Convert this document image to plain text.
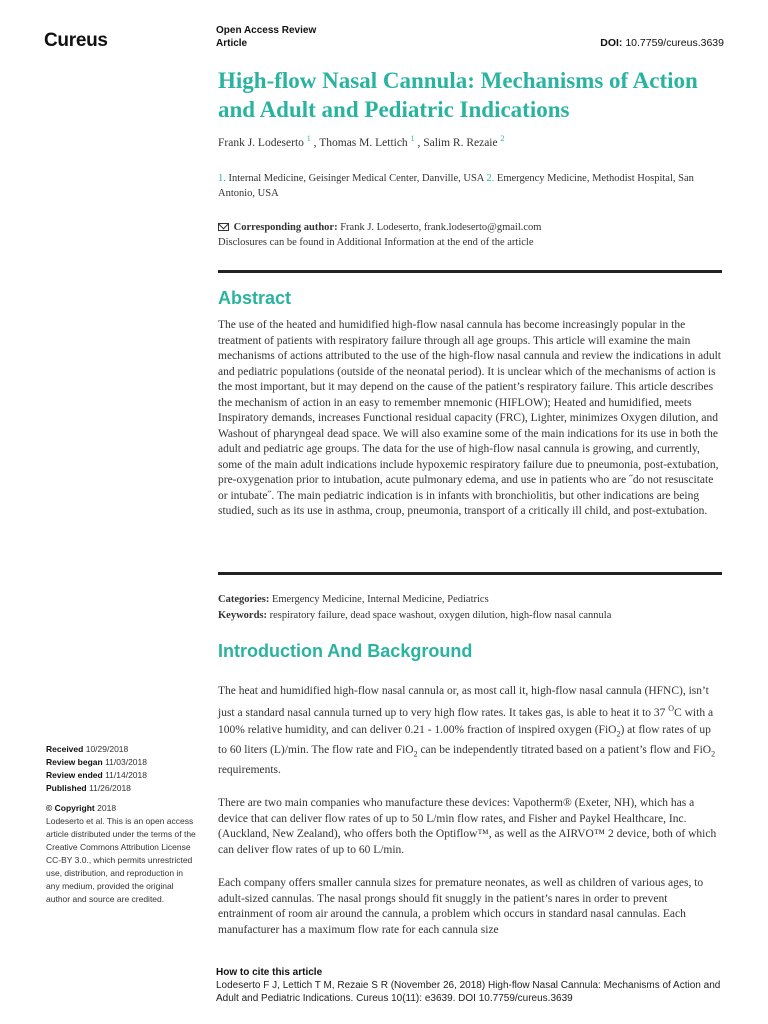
Cureus	Open Access Review
Article	DOI: 10.7759/cureus.3639
High-flow Nasal Cannula: Mechanisms of Action and Adult and Pediatric Indications
Frank J. Lodeserto $^1$ , Thomas M. Lettich $^1$ , Salim R. Rezaie $^2$
1. Internal Medicine, Geisinger Medical Center, Danville, USA 2. Emergency Medicine, Methodist Hospital, San Antonio, USA
Corresponding author: Frank J. Lodeserto, frank.lodeserto@gmail.com
Disclosures can be found in Additional Information at the end of the article
Abstract

The use of the heated and humidified high-flow nasal cannula has become increasingly popular in the treatment of patients with respiratory failure through all age groups. This article will examine the main mechanisms of actions attributed to the use of the high-flow nasal cannula and review the indications in adult and pediatric populations (outside of the neonatal period). It is unclear which of the mechanisms of action is the most important, but it may depend on the cause of the patient’s respiratory failure. This article describes the mechanism of action in an easy to remember mnemonic (HIFLOW); Heated and humidified, meets Inspiratory demands, increases Functional residual capacity (FRC), Lighter, minimizes Oxygen dilution, and Washout of pharyngeal dead space. We will also examine some of the main indications for its use in both the adult and pediatric age groups. The data for the use of high-flow nasal cannula is growing, and currently, some of the main adult indications include hypoxemic respiratory failure due to pneumonia, post-extubation, pre-oxygenation prior to intubation, acute pulmonary edema, and use in patients who are ˝do not resuscitate or intubate˝. The main pediatric indication is in infants with bronchiolitis, but other indications are being studied, such as its use in asthma, croup, pneumonia, transport of a critically ill child, and post-extubation.

Categories: Emergency Medicine, Internal Medicine, Pediatrics
Keywords: respiratory failure, dead space washout, oxygen dilution, high-flow nasal cannula
Introduction And Background

The heat and humidified high-flow nasal cannula or, as most call it, high-flow nasal cannula (HFNC), isn’t just a standard nasal cannula turned up to very high flow rates. It takes gas, is able to heat it to 37 $^O$C with a 100% relative humidity, and can deliver 0.21 - 1.00% fraction of inspired oxygen (FiO$_2$) at flow rates of up to 60 liters (L)/min. The flow rate and FiO$_2$ can be independently titrated based on a patient’s flow and FiO$_2$ requirements.

There are two main companies who manufacture these devices: Vapotherm® (Exeter, NH), which has a device that can deliver flow rates of up to 50 L/min flow rates, and Fisher and Paykel Healthcare, Inc. (Auckland, New Zealand), who offers both the Optiflow™, as well as the AIRVO™ 2 device, both of which can deliver flow rates of up to 60 L/min.

Each company offers smaller cannula sizes for premature neonates, as well as children of various ages, to adult-sized cannulas. The nasal prongs should fit snuggly in the patient’s nares in order to prevent entrainment of room air around the cannula, a problem which occurs in standard nasal cannulas. Each manufacturer has a maximum flow rate for each cannula size

Received 10/29/2018
Review began 11/03/2018
Review ended 11/14/2018
Published 11/26/2018
© Copyright 2018
Lodeserto et al. This is an open access article distributed under the terms of the Creative Commons Attribution License CC-BY 3.0., which permits unrestricted use, distribution, and reproduction in any medium, provided the original author and source are credited.
How to cite this article
Lodeserto F J, Lettich T M, Rezaie S R (November 26, 2018) High-flow Nasal Cannula: Mechanisms of Action and Adult and Pediatric Indications. Cureus 10(11): e3639. DOI 10.7759/cureus.3639
